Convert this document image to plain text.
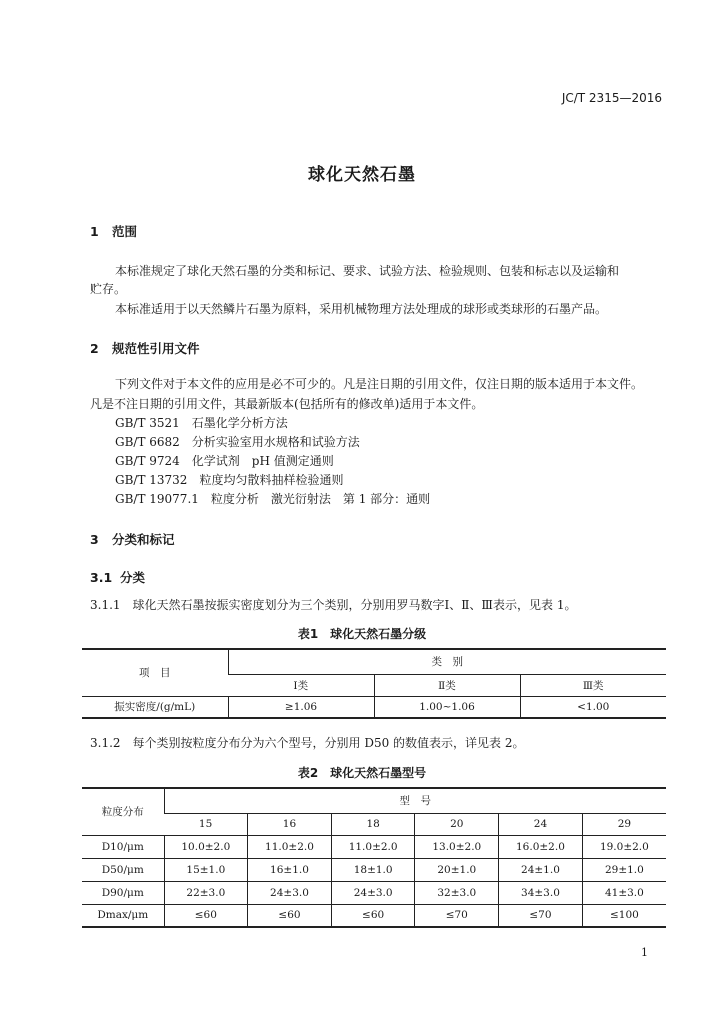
JC/T 2315—2016
球化天然石墨
1 范围
本标准规定了球化天然石墨的分类和标记、要求、试验方法、检验规则、包装和标志以及运输和
贮存。
本标准适用于以天然鳞片石墨为原料，采用机械物理方法处理成的球形或类球形的石墨产品。
2 规范性引用文件
下列文件对于本文件的应用是必不可少的。凡是注日期的引用文件，仅注日期的版本适用于本文件。
凡是不注日期的引用文件，其最新版本(包括所有的修改单)适用于本文件。
GB/T 3521　石墨化学分析方法
GB/T 6682　分析实验室用水规格和试验方法
GB/T 9724　化学试剂　pH 值测定通则
GB/T 13732　粒度均匀散料抽样检验通则
GB/T 19077.1　粒度分析　激光衍射法　第 1 部分：通则
3 分类和标记
3.1 分类
3.1.1　球化天然石墨按振实密度划分为三个类别，分别用罗马数字Ⅰ、Ⅱ、Ⅲ表示，见表 1。
表1　球化天然石墨分级
项　目	类　别		
	Ⅰ类	Ⅱ类	Ⅲ类
振实密度/(g/mL)	≥1.06	1.00~1.06	<1.00
3.1.2　每个类别按粒度分布分为六个型号，分别用 D50 的数值表示，详见表 2。
表2　球化天然石墨型号
粒度分布	型　号					
	15	16	18	20	24	29
D10/μm	10.0±2.0	11.0±2.0	11.0±2.0	13.0±2.0	16.0±2.0	19.0±2.0
D50/μm	15±1.0	16±1.0	18±1.0	20±1.0	24±1.0	29±1.0
D90/μm	22±3.0	24±3.0	24±3.0	32±3.0	34±3.0	41±3.0
Dmax/μm	≤60	≤60	≤60	≤70	≤70	≤100
1
